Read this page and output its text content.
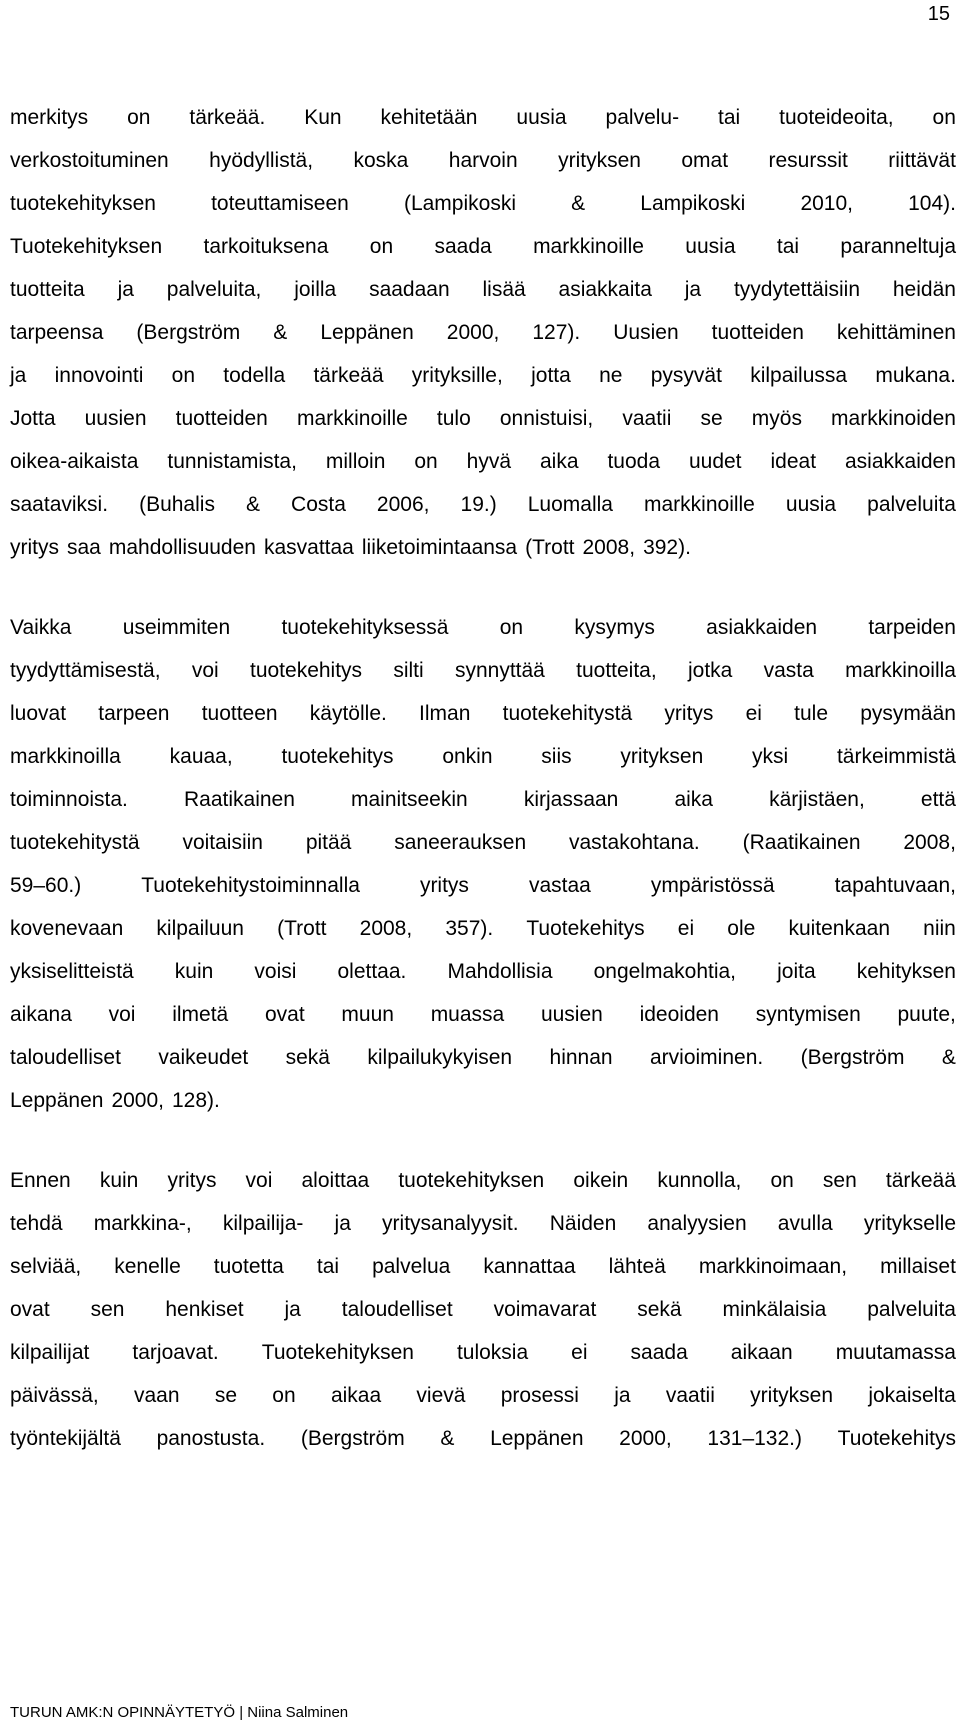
15
merkitys on tärkeää. Kun kehitetään uusia palvelu- tai tuoteideoita, on
verkostoituminen hyödyllistä, koska harvoin yrityksen omat resurssit riittävät
tuotekehityksen	toteuttamiseen	(Lampikoski	&	Lampikoski	2010,	104).
Tuotekehityksen tarkoituksena on saada markkinoille uusia tai paranneltuja
tuotteita ja palveluita, joilla saadaan lisää asiakkaita ja tyydytettäisiin heidän
tarpeensa (Bergström & Leppänen 2000, 127). Uusien tuotteiden kehittäminen
ja innovointi on todella tärkeää yrityksille, jotta ne pysyvät kilpailussa mukana.
Jotta uusien tuotteiden markkinoille tulo onnistuisi, vaatii se myös markkinoiden
oikea-aikaista tunnistamista, milloin on hyvä aika tuoda uudet ideat asiakkaiden
saataviksi. (Buhalis & Costa 2006, 19.) Luomalla markkinoille uusia palveluita
yritys saa mahdollisuuden kasvattaa liiketoimintaansa (Trott 2008, 392).
Vaikka useimmiten tuotekehityksessä on kysymys asiakkaiden tarpeiden
tyydyttämisestä, voi tuotekehitys silti synnyttää tuotteita, jotka vasta markkinoilla
luovat tarpeen tuotteen käytölle. Ilman tuotekehitystä yritys ei tule pysymään
markkinoilla kauaa, tuotekehitys onkin siis yrityksen yksi tärkeimmistä
toiminnoista.	Raatikainen	mainitseekin	kirjassaan	aika	kärjistäen,	että
tuotekehitystä voitaisiin pitää saneerauksen vastakohtana. (Raatikainen 2008,
59–60.)	Tuotekehitystoiminnalla	yritys	vastaa	ympäristössä	tapahtuvaan,
kovenevaan kilpailuun (Trott 2008, 357). Tuotekehitys ei ole kuitenkaan niin
yksiselitteistä kuin voisi olettaa. Mahdollisia ongelmakohtia, joita kehityksen
aikana voi ilmetä ovat muun muassa uusien ideoiden syntymisen puute,
taloudelliset vaikeudet sekä kilpailukykyisen hinnan arvioiminen. (Bergström &
Leppänen 2000, 128).
Ennen kuin yritys voi aloittaa tuotekehityksen oikein kunnolla, on sen tärkeää
tehdä markkina-, kilpailija- ja yritysanalyysit. Näiden analyysien avulla yritykselle
selviää, kenelle tuotetta tai palvelua kannattaa lähteä markkinoimaan, millaiset
ovat sen henkiset ja taloudelliset voimavarat sekä minkälaisia palveluita
kilpailijat tarjoavat. Tuotekehityksen tuloksia ei saada aikaan muutamassa
päivässä, vaan se on aikaa vievä prosessi ja vaatii yrityksen jokaiselta
työntekijältä panostusta. (Bergström & Leppänen 2000, 131–132.) Tuotekehitys
TURUN AMK:N OPINNÄYTETYÖ | Niina Salminen
